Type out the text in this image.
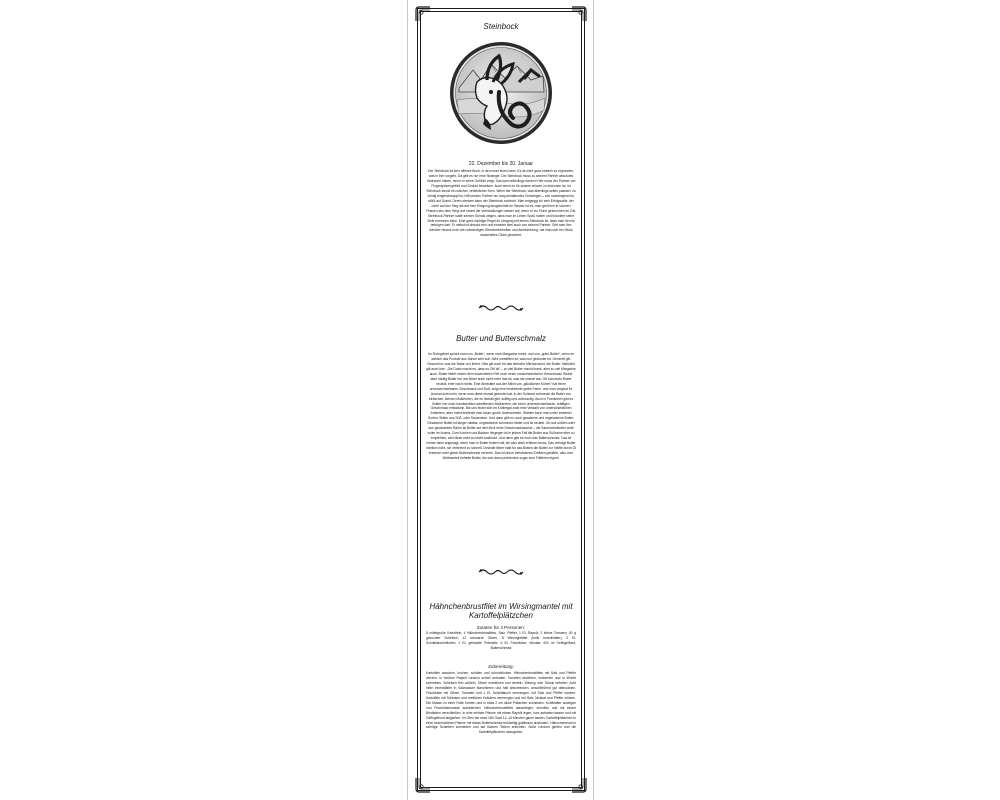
Steinbock

22. Dezember bis 20. Januar
Der Steinbock ist kein offenes Buch, in dem man lesen kann. Es ist nicht ganz einfach zu ergründen, was in ihm vorgeht. Da gibt es nur eine Strategie: Der Steinbock muss zu seinem Partner absolutes Vertrauen haben, bevor er seine Gefühle zeigt. Das kann allerdings dauern! Hier muss der Partner viel Fingerspitzengefühl und Geduld beweisen. Auch wenn es für andere schwer zu erkennen ist, im Steinbock steckt ein weicher, verletzlicher Kern. Wenn der Steinbock, was allerdings selten passiert, zu richtig eingeschnappt ist, hilft seinem Partner nur lang anhaltendes Schweigen – wer nachtragend ist, stößt auf Granit. Deren stretzen kann der Steinbock schlecht. Man entgeggt ich sein Erfolgswille, der mehr auf den Sieg als auf eine Einigung ausgerichtet ist. Besser ist es, man geht ihm in solchen Phasen aus dem Weg und nimmt die Verhandlungen wieder auf, wenn er zur Ruhe gekommen ist. Der Steinbock-Partner sollte seinem Schatz zeigen, dass man im Leben Spaß haben und trotzdem seine Ziele erreichen kann. Eine ganz wichtige Regel im Umgang mit einem Steinbock ist, dass man ihn nie betrügen darf. Er selbst ist absolut treu und erwartet dies auch von seinem Partner. Gibt man ihm darüber hinaus noch die notwendigen Streicheleinheiten und Anerkennung, hat man sich ein Stück dauerhaftes Glück gesichert.

Butter und Butterschmalz

Im Ruhrgebiet spricht man von „Butter“, wenn man Margarine meint, und von „guter Butter“, wenn es wirklich das Produkt aus Sahne sein soll. Sehr umstritten ist, was nun gesünder ist. Generell gilt: Gesund ist, was die Natur uns liefert. Dies gilt auch für das tierische Milchprodukt, die Butter. Natürlich gilt auch hier: „Die Dosis macht es, dass es Gift ist“ – zu viel Butter macht krank, aber zu viel Margarine auch. Butter liefert neben dem essenziellen Fett noch einen unnachahmlichen Geschmack! Wobei aber häufig Butter bei uns leider auch nicht mehr das ist, was sie einmal war. Oft schmeckt Butter neutral, eher nach nichts. Eine Almbutter aus der Milch von „glücklichen Kühen“ hat einen unverwechselbaren Geschmack und Duft, zeigt eine leuchtende gelbe Farbe, und man vergisst ihr Aroma nicht mehr, wenn man diese einmal gekostet hat. In der Schweiz schmeckt die Butter von einfachen, kleinen Molkereien, die es überall gibt, kräftig und vollmundig. Auch in Frankreich gibt es Butter von noch handwerklich arbeitenden Molkereien, die einen unverwechselbaren, kräftigen Geschmack entwickeln. Bis uns findet sich im Kühlregal zwar eine Vielzahl von unterschiedlichen Anbietern, aber meist entdeckt man kaum große Unterschiede. Wählen kann man unter zweierlei Sorten: Butter aus Süß- oder Sauerrahm. Und dann gibt es noch gesalzene und ungesalzene Butter. Gesalzene Butter ist länger haltbar, ungesalzene schmeckt milder und ist neutral. Ob aus süßem oder aus gesäuertem Rahm ist Butter auf dem Brot reine Geschmackssache – die Sauerrahmbutter wirkt voller im Aroma. Zum Kochen und Backen hingegen ist in jedem Fall die Butter aus Süßrahm eher zu empfehlen, weil diese nicht so leicht ausflockt. Und dann gibt es noch das Butterschmalz. Das ist immer dann angesagt, wenn man in Butter braten will, sie also stark erhitzen muss. Das verträgt Butter nämlich nicht, sie verbrennt zu schnell. Deshalb lieber statt für das Braten die Butter zur Hälfte durch Öl ersetzen oder gleich Butterschmalz nehmen. Das ist durch behutsames Erhitzen geklärte, also vom Molkeanteil befreite Butter, die sich dann problemlos sogar zum Frittieren eignet.

Hähnchenbrustfilet im Wirsingmantel mit Kartoffelplätzchen

Zutaten für 4 Personen:
8 mittelgroße Kartoffeln, 4 Hähnchenbrustfilets, Salz, Pfeffer, 1 EL Rapsöl, 2 kleine Tomaten, 60 g gekochter Schinken, 12 schwarze Oliven, 8 Wirsingblätter (helle Innenblätter), 2 EL Schnittlauchröllchen, 1 EL gehackte Petersilie, 6 EL Frischkäse, Muskat, 400 ml Geflügelfond, Butterschmalz
Zubereitung:
Kartoffeln waschen, kochen, schälen und durchdrücken. Hähnchenbrustfilets mit Salz und Pfeffer würzen, in heißem Rapsöl rundum scharf anbraten. Tomaten abziehen, entkernen und in Würfel schneiden. Schinken fein würfeln. Oliven entsteinen und vierteln. Wirsing vom Strunk befreien. Acht helle Innenblätter in Salzwasser blanchieren und halt abschrecken, anschließend gut abtrocknen. Frischkäse mit Oliven, Tomaten und 1 EL Schnittlauch vermengen, mit Salz und Pfeffer würzen. Kartoffeln mit Schinken und restlichen Kräutern vermengen und mit Salz, Muskat und Pfeffer würzen. Die Masse zu einer Rolle formen und in etwa 2 cm dicke Plätzchen schneiden. Kohlblätter auslegen und Frischkäsemasse aufstreichen. Hähnchenbrustfilets daraufiegen, einrollen und mit einem Bindfaden verschließen. In eine erhitzte Pfanne mit etwas Rapsöl legen, kurz anbraten lassen und mit Geflügelfond aufgießen. Im Ofen bei etwa 180 Grad 12–14 Minuten garen lassen. Kartoffelplätzchen in einer beschichteten Pfanne mit etwas Butterschmalz beidseitig goldbraun ausbraten. Hähnchenbrust in schräge Scheiben schneiden und auf flachen Tellern anrichten, Soße rundum gießen und die Kartoffelplätzchen dazugeben.
